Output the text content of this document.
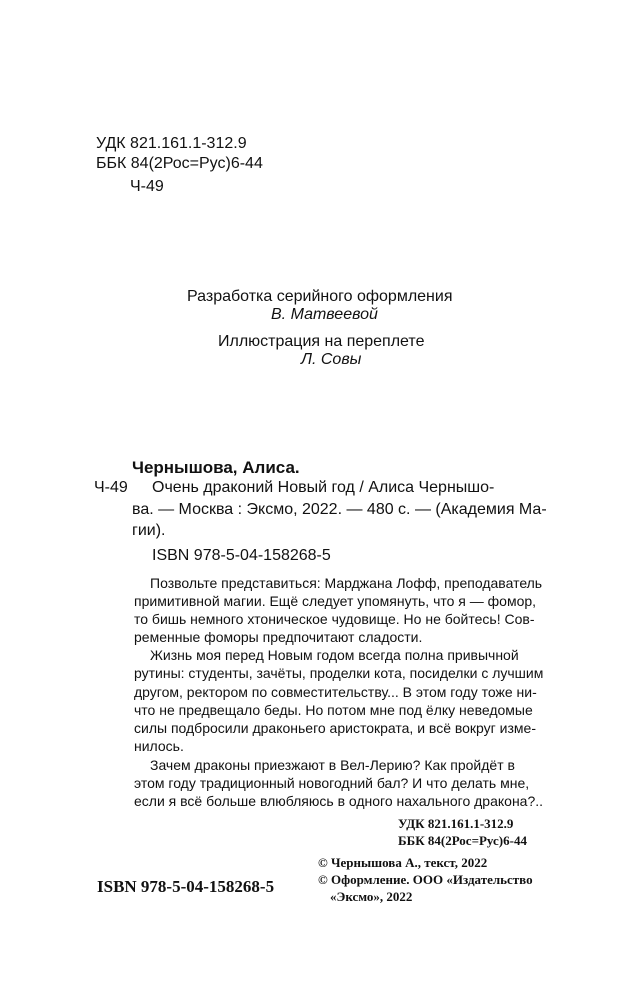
УДК 821.161.1-312.9
ББК 84(2Рос=Рус)6-44
Ч-49
Разработка серийного оформления
В. Матвеевой
Иллюстрация на переплете
Л. Совы
Чернышова, Алиса.
Ч-49 Очень драконий Новый год / Алиса Чернышо-
ва. — Москва : Эксмо, 2022. — 480 с. — (Академия Ма-
гии).
ISBN 978-5-04-158268-5
Позвольте представиться: Марджана Лофф, преподаватель
примитивной магии. Ещё следует упомянуть, что я — фомор,
то бишь немного хтоническое чудовище. Но не бойтесь! Сов-
ременные фоморы предпочитают сладости.
Жизнь моя перед Новым годом всегда полна привычной
рутины: студенты, зачёты, проделки кота, посиделки с лучшим
другом, ректором по совместительству... В этом году тоже ни-
что не предвещало беды. Но потом мне под ёлку неведомые
силы подбросили драконьего аристократа, и всё вокруг изме-
нилось.
Зачем драконы приезжают в Вел-Лерию? Как пройдёт в
этом году традиционный новогодний бал? И что делать мне,
если я всё больше влюбляюсь в одного нахального дракона?..
УДК 821.161.1-312.9
ББК 84(2Рос=Рус)6-44
ISBN 978-5-04-158268-5
© Чернышова А., текст, 2022
© Оформление. ООО «Издательство
«Эксмо», 2022
